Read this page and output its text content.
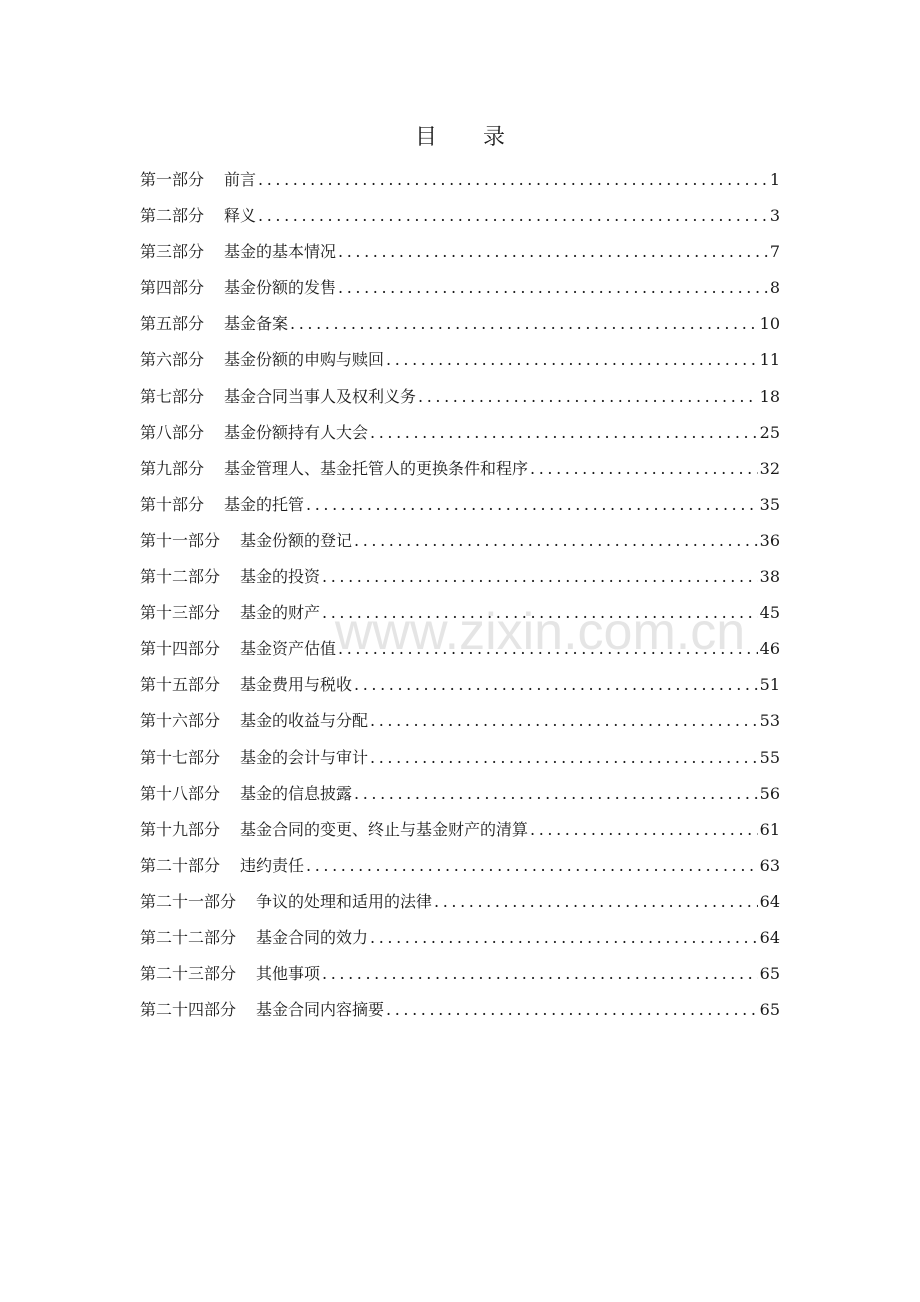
目 录
第一部分 前言 .....	1
第二部分 释义 .....	3
第三部分 基金的基本情况 .....	7
第四部分 基金份额的发售 .....	8
第五部分 基金备案 .....	10
第六部分 基金份额的申购与赎回 .....	11
第七部分 基金合同当事人及权利义务 .....	18
第八部分 基金份额持有人大会 .....	25
第九部分 基金管理人、基金托管人的更换条件和程序 .....	32
第十部分 基金的托管 .....	35
第十一部分 基金份额的登记 .....	36
第十二部分 基金的投资 .....	38
第十三部分 基金的财产 .....	45
第十四部分 基金资产估值 .....	46
第十五部分 基金费用与税收 .....	51
第十六部分 基金的收益与分配 .....	53
第十七部分 基金的会计与审计 .....	55
第十八部分 基金的信息披露 .....	56
第十九部分 基金合同的变更、终止与基金财产的清算 .....	61
第二十部分 违约责任 .....	63
第二十一部分 争议的处理和适用的法律 .....	64
第二十二部分 基金合同的效力 .....	64
第二十三部分 其他事项 .....	65
第二十四部分 基金合同内容摘要 .....	65
www.zixin.com.cn
